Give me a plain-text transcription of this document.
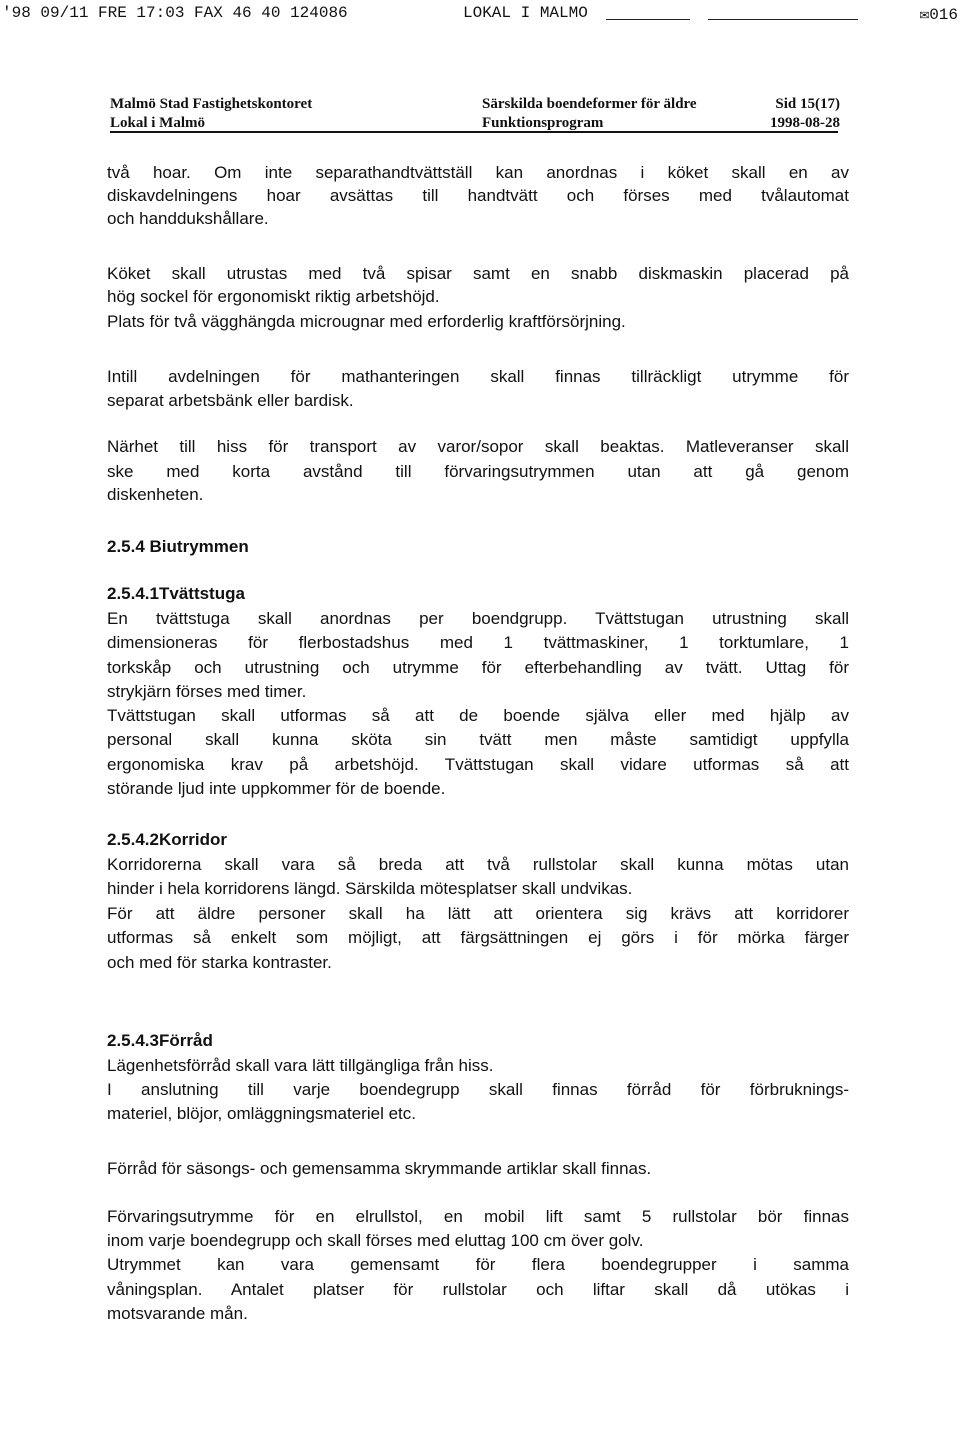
'98 09/11 FRE 17:03 FAX 46 40 124086	LOKAL I MALMO	✉016
Malmö Stad Fastighetskontoret	Särskilda boendeformer för äldre	Sid 15(17)
Lokal i Malmö	Funktionsprogram	1998-08-28

två hoar. Om inte separathandtvättställ kan anordnas i köket skall en av

diskavdelningens hoar avsättas till handtvätt och förses med tvålautomat

och handdukshållare.

Köket skall utrustas med två spisar samt en snabb diskmaskin placerad på

hög sockel för ergonomiskt riktig arbetshöjd.

Plats för två vägghängda microugnar med erforderlig kraftförsörjning.

Intill avdelningen för mathanteringen skall finnas tillräckligt utrymme för

separat arbetsbänk eller bardisk.

Närhet till hiss för transport av varor/sopor skall beaktas. Matleveranser skall

ske med korta avstånd till förvaringsutrymmen utan att gå genom

diskenheten.

2.5.4 Biutrymmen
2.5.4.1Tvättstuga

En tvättstuga skall anordnas per boendgrupp. Tvättstugan utrustning skall

dimensioneras för flerbostadshus med 1 tvättmaskiner, 1 torktumlare, 1

torkskåp och utrustning och utrymme för efterbehandling av tvätt. Uttag för

strykjärn förses med timer.

Tvättstugan skall utformas så att de boende själva eller med hjälp av

personal skall kunna sköta sin tvätt men måste samtidigt uppfylla

ergonomiska krav på arbetshöjd. Tvättstugan skall vidare utformas så att

störande ljud inte uppkommer för de boende.

2.5.4.2Korridor

Korridorerna skall vara så breda att två rullstolar skall kunna mötas utan

hinder i hela korridorens längd. Särskilda mötesplatser skall undvikas.

För att äldre personer skall ha lätt att orientera sig krävs att korridorer

utformas så enkelt som möjligt, att färgsättningen ej görs i för mörka färger

och med för starka kontraster.

2.5.4.3Förråd

Lägenhetsförråd skall vara lätt tillgängliga från hiss.

I anslutning till varje boendegrupp skall finnas förråd för förbruknings-

materiel, blöjor, omläggningsmateriel etc.

Förråd för säsongs- och gemensamma skrymmande artiklar skall finnas.

Förvaringsutrymme för en elrullstol, en mobil lift samt 5 rullstolar bör finnas

inom varje boendegrupp och skall förses med eluttag 100 cm över golv.

Utrymmet kan vara gemensamt för flera boendegrupper i samma

våningsplan. Antalet platser för rullstolar och liftar skall då utökas i

motsvarande mån.
